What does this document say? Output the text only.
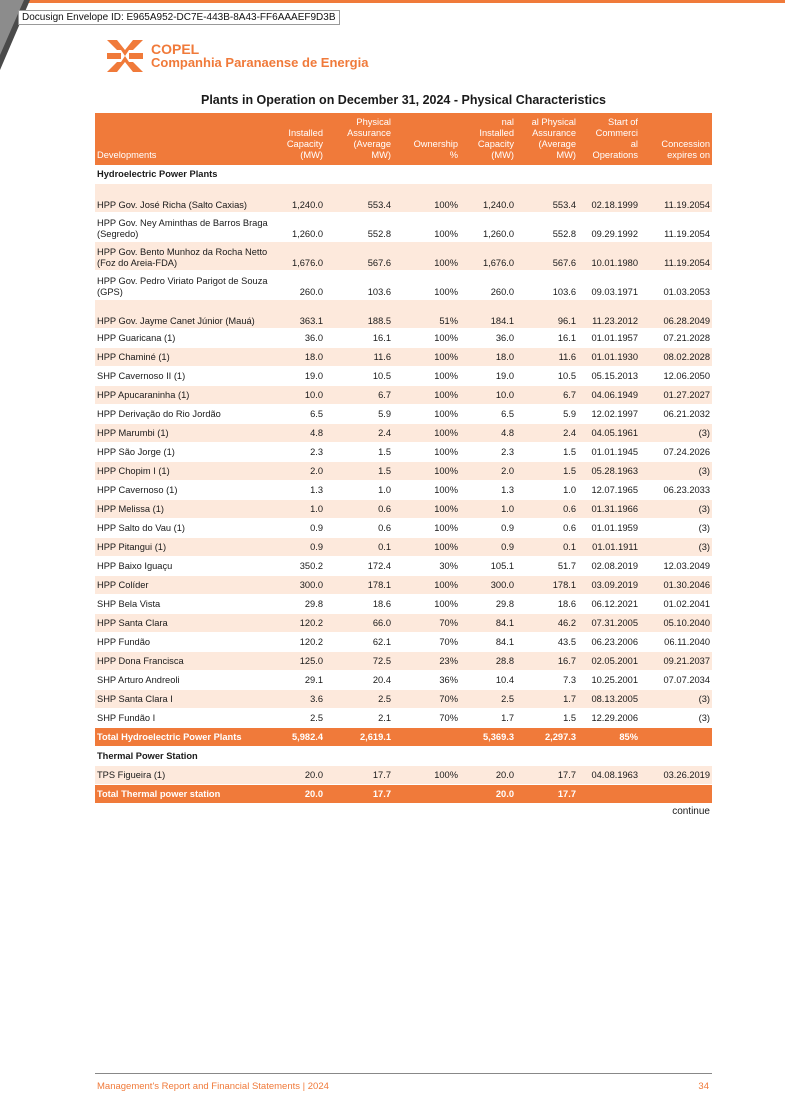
Docusign Envelope ID: E965A952-DC7E-443B-8A43-FF6AAAEF9D3B
COPEL
Companhia Paranaense de Energia
Plants in Operation on December 31, 2024 - Physical Characteristics
Developments	Installed
Capacity
(MW)	Physical
Assurance
(Average
MW)	Ownership
%	nal
Installed
Capacity
(MW)	al Physical
Assurance
(Average
MW)	Start of
Commerci
al
Operations	Concession
expires on
Hydroelectric Power Plants							
HPP Gov. José Richa (Salto Caxias)	1,240.0	553.4	100%	1,240.0	553.4	02.18.1999	11.19.2054
HPP Gov. Ney Aminthas de Barros Braga (Segredo)	1,260.0	552.8	100%	1,260.0	552.8	09.29.1992	11.19.2054
HPP Gov. Bento Munhoz da Rocha Netto (Foz do Areia-FDA)	1,676.0	567.6	100%	1,676.0	567.6	10.01.1980	11.19.2054
HPP Gov. Pedro Viriato Parigot de Souza (GPS)	260.0	103.6	100%	260.0	103.6	09.03.1971	01.03.2053
HPP Gov. Jayme Canet Júnior (Mauá)	363.1	188.5	51%	184.1	96.1	11.23.2012	06.28.2049
HPP Guaricana (1)	36.0	16.1	100%	36.0	16.1	01.01.1957	07.21.2028
HPP Chaminé (1)	18.0	11.6	100%	18.0	11.6	01.01.1930	08.02.2028
SHP Cavernoso II (1)	19.0	10.5	100%	19.0	10.5	05.15.2013	12.06.2050
HPP Apucaraninha (1)	10.0	6.7	100%	10.0	6.7	04.06.1949	01.27.2027
HPP Derivação do Rio Jordão	6.5	5.9	100%	6.5	5.9	12.02.1997	06.21.2032
HPP Marumbi (1)	4.8	2.4	100%	4.8	2.4	04.05.1961	(3)
HPP São Jorge (1)	2.3	1.5	100%	2.3	1.5	01.01.1945	07.24.2026
HPP Chopim I (1)	2.0	1.5	100%	2.0	1.5	05.28.1963	(3)
HPP Cavernoso (1)	1.3	1.0	100%	1.3	1.0	12.07.1965	06.23.2033
HPP Melissa (1)	1.0	0.6	100%	1.0	0.6	01.31.1966	(3)
HPP Salto do Vau (1)	0.9	0.6	100%	0.9	0.6	01.01.1959	(3)
HPP Pitangui (1)	0.9	0.1	100%	0.9	0.1	01.01.1911	(3)
HPP Baixo Iguaçu	350.2	172.4	30%	105.1	51.7	02.08.2019	12.03.2049
HPP Colíder	300.0	178.1	100%	300.0	178.1	03.09.2019	01.30.2046
SHP Bela Vista	29.8	18.6	100%	29.8	18.6	06.12.2021	01.02.2041
HPP Santa Clara	120.2	66.0	70%	84.1	46.2	07.31.2005	05.10.2040
HPP Fundão	120.2	62.1	70%	84.1	43.5	06.23.2006	06.11.2040
HPP Dona Francisca	125.0	72.5	23%	28.8	16.7	02.05.2001	09.21.2037
SHP Arturo Andreoli	29.1	20.4	36%	10.4	7.3	10.25.2001	07.07.2034
SHP Santa Clara I	3.6	2.5	70%	2.5	1.7	08.13.2005	(3)
SHP Fundão I	2.5	2.1	70%	1.7	1.5	12.29.2006	(3)
Total Hydroelectric Power Plants	5,982.4	2,619.1		5,369.3	2,297.3	85%	
Thermal Power Station							
TPS Figueira (1)	20.0	17.7	100%	20.0	17.7	04.08.1963	03.26.2019
Total Thermal power station	20.0	17.7		20.0	17.7		
continue
Management's Report and Financial Statements | 2024	34
